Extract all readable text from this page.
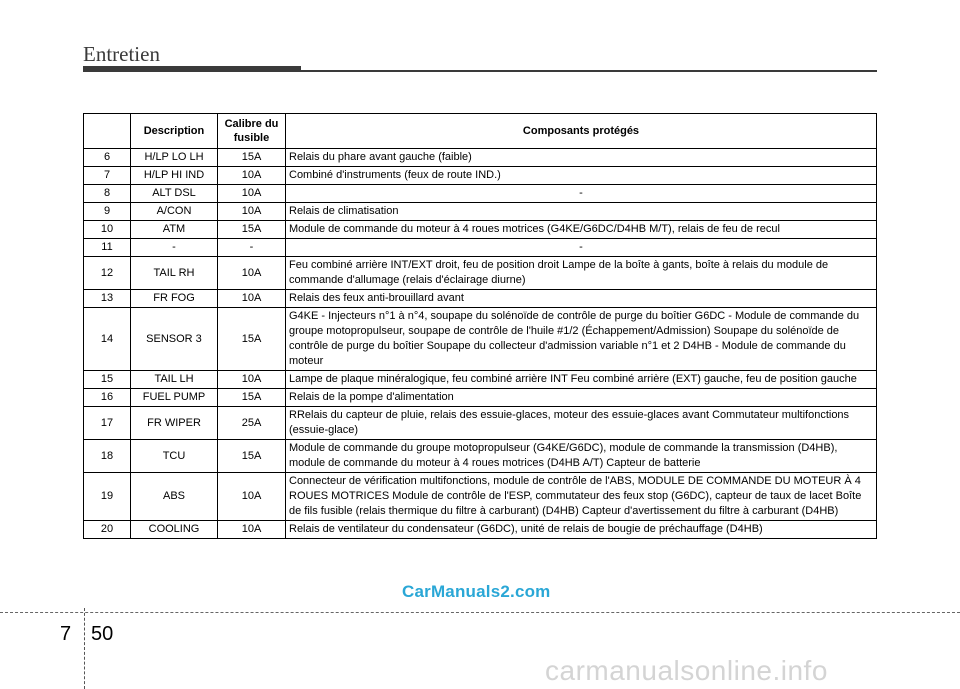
Entretien
	Description	Calibre du fusible	Composants protégés
6	H/LP LO LH	15A	Relais du phare avant gauche (faible)
7	H/LP HI IND	10A	Combiné d'instruments (feux de route IND.)
8	ALT DSL	10A	-
9	A/CON	10A	Relais de climatisation
10	ATM	15A	Module de commande du moteur à 4 roues motrices (G4KE/G6DC/D4HB M/T), relais de feu de recul
11	-	-	-
12	TAIL RH	10A	Feu combiné arrière INT/EXT droit, feu de position droit Lampe de la boîte à gants, boîte à relais du module de commande d'allumage (relais d'éclairage diurne)
13	FR FOG	10A	Relais des feux anti-brouillard avant
14	SENSOR 3	15A	G4KE - Injecteurs n°1 à n°4, soupape du solénoïde de contrôle de purge du boîtier G6DC - Module de commande du groupe motopropulseur, soupape de contrôle de l'huile #1/2 (Échappement/Admission) Soupape du solénoïde de contrôle de purge du boîtier Soupape du collecteur d'admission variable n°1 et 2 D4HB - Module de commande du moteur
15	TAIL LH	10A	Lampe de plaque minéralogique, feu combiné arrière INT Feu combiné arrière (EXT) gauche, feu de position gauche
16	FUEL PUMP	15A	Relais de la pompe d'alimentation
17	FR WIPER	25A	RRelais du capteur de pluie, relais des essuie-glaces, moteur des essuie-glaces avant Commutateur multifonctions (essuie-glace)
18	TCU	15A	Module de commande du groupe motopropulseur (G4KE/G6DC), module de commande la transmission (D4HB), module de commande du moteur à 4 roues motrices (D4HB A/T) Capteur de batterie
19	ABS	10A	Connecteur de vérification multifonctions, module de contrôle de l'ABS, MODULE DE COMMANDE DU MOTEUR À 4 ROUES MOTRICES Module de contrôle de l'ESP, commutateur des feux stop (G6DC), capteur de taux de lacet Boîte de fils fusible (relais thermique du filtre à carburant) (D4HB) Capteur d'avertissement du filtre à carburant (D4HB)
20	COOLING	10A	Relais de ventilateur du condensateur (G6DC), unité de relais de bougie de préchauffage (D4HB)
CarManuals2.com
7 50
carmanualsonline.info
